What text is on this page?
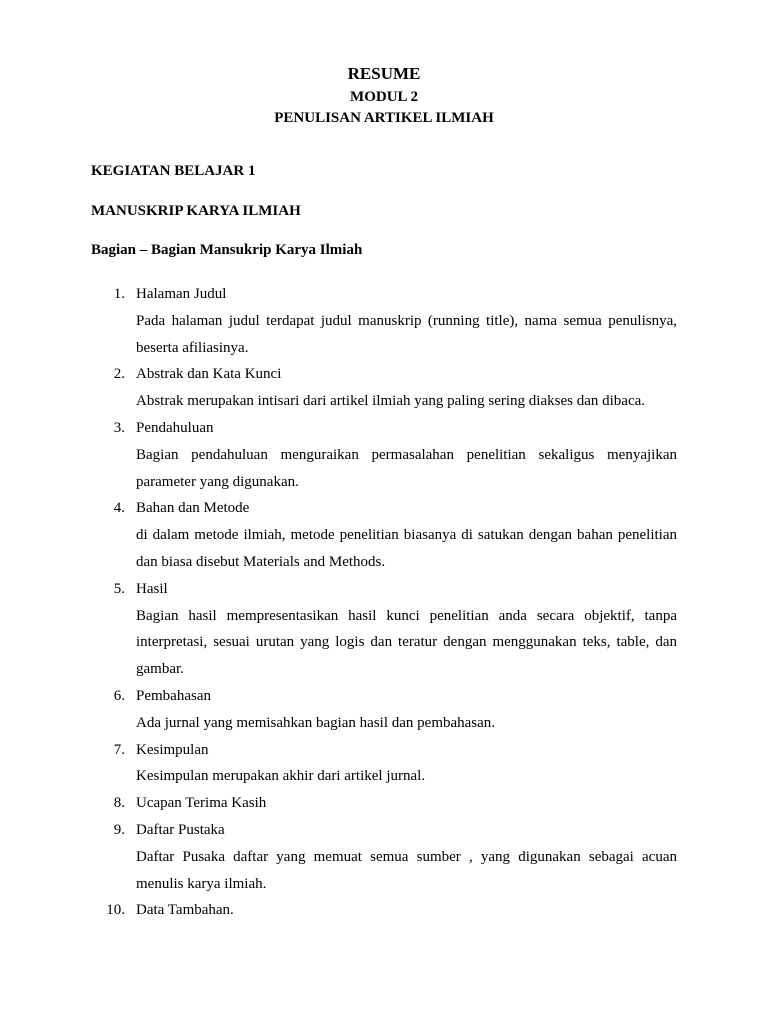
RESUME
MODUL 2
PENULISAN ARTIKEL ILMIAH
KEGIATAN BELAJAR 1
MANUSKRIP KARYA ILMIAH
Bagian – Bagian Mansukrip Karya Ilmiah
1. Halaman Judul
Pada halaman judul terdapat judul manuskrip (running title), nama semua penulisnya, beserta afiliasinya.
2. Abstrak dan Kata Kunci
Abstrak merupakan intisari dari artikel ilmiah yang paling sering diakses dan dibaca.
3. Pendahuluan
Bagian pendahuluan menguraikan permasalahan penelitian sekaligus menyajikan parameter yang digunakan.
4. Bahan dan Metode
di dalam metode ilmiah, metode penelitian biasanya di satukan dengan bahan penelitian dan biasa disebut Materials and Methods.
5. Hasil
Bagian hasil mempresentasikan hasil kunci penelitian anda secara objektif, tanpa interpretasi, sesuai urutan yang logis dan teratur dengan menggunakan teks, table, dan gambar.
6. Pembahasan
Ada jurnal yang memisahkan bagian hasil dan pembahasan.
7. Kesimpulan
Kesimpulan merupakan akhir dari artikel jurnal.
8. Ucapan Terima Kasih
9. Daftar Pustaka
Daftar Pusaka daftar yang memuat semua sumber , yang digunakan sebagai acuan menulis karya ilmiah.
10. Data Tambahan.
